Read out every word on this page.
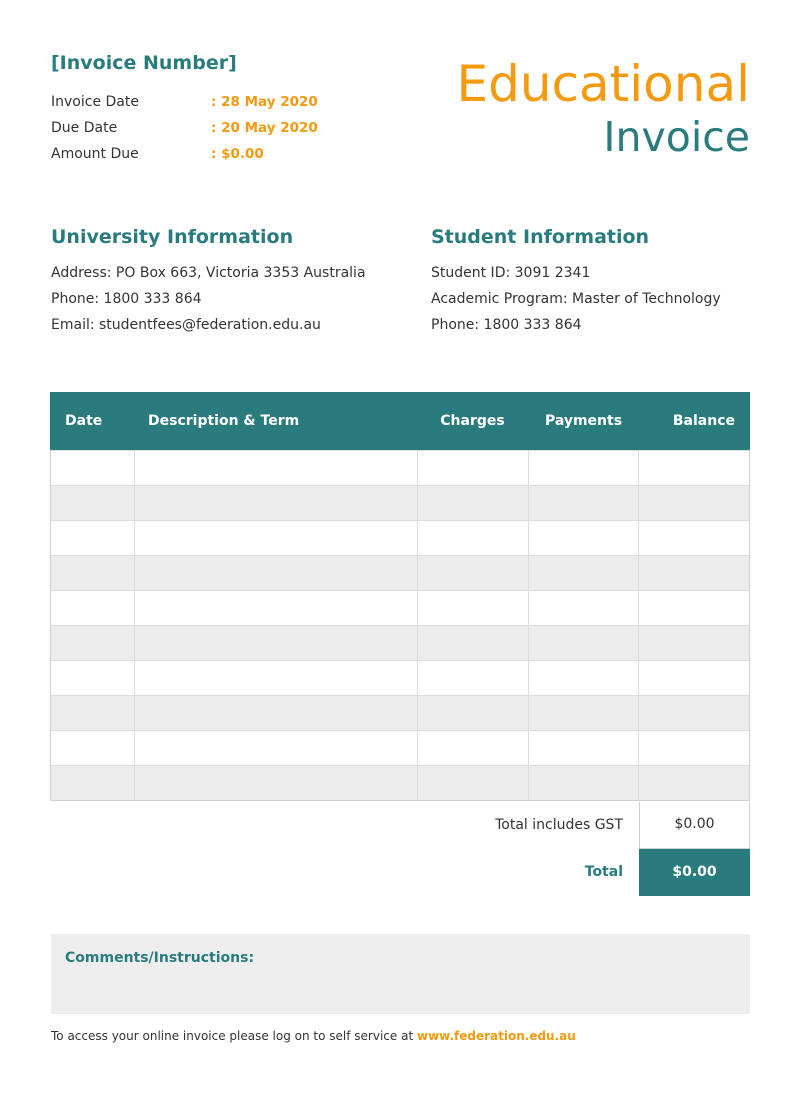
[Invoice Number]
Invoice Date	: 28 May 2020
Due Date	: 20 May 2020
Amount Due	: $0.00
Educational
Invoice
University Information
Address: PO Box 663, Victoria 3353 Australia
Phone: 1800 333 864
Email: studentfees@federation.edu.au
Student Information
Student ID: 3091 2341
Academic Program: Master of Technology
Phone: 1800 333 864
Date	Description & Term	Charges	Payments	Balance
Total includes GST	$0.00
Total	$0.00
Comments/Instructions:
To access your online invoice please log on to self service at www.federation.edu.au
